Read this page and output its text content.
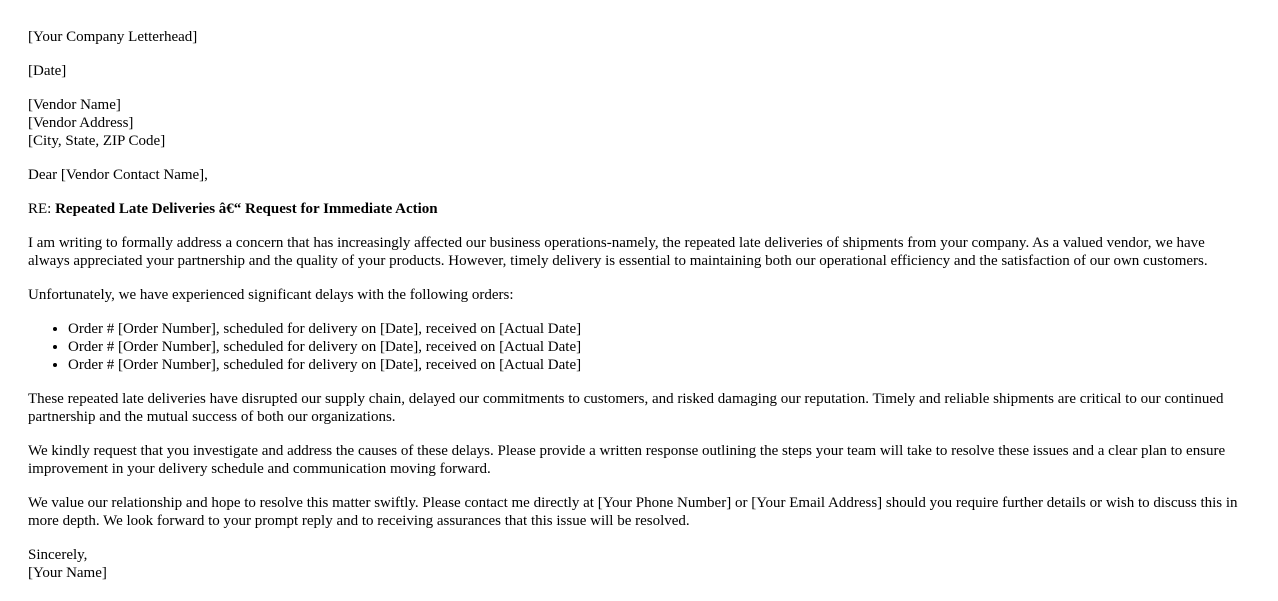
[Your Company Letterhead]

[Date]

[Vendor Name]
[Vendor Address]
[City, State, ZIP Code]

Dear [Vendor Contact Name],

RE: Repeated Late Deliveries â€“ Request for Immediate Action

I am writing to formally address a concern that has increasingly affected our business operations-namely, the repeated late deliveries of shipments from your company. As a valued vendor, we have always appreciated your partnership and the quality of your products. However, timely delivery is essential to maintaining both our operational efficiency and the satisfaction of our own customers.

Unfortunately, we have experienced significant delays with the following orders:

• Order # [Order Number], scheduled for delivery on [Date], received on [Actual Date]
• Order # [Order Number], scheduled for delivery on [Date], received on [Actual Date]
• Order # [Order Number], scheduled for delivery on [Date], received on [Actual Date]

These repeated late deliveries have disrupted our supply chain, delayed our commitments to customers, and risked damaging our reputation. Timely and reliable shipments are critical to our continued partnership and the mutual success of both our organizations.

We kindly request that you investigate and address the causes of these delays. Please provide a written response outlining the steps your team will take to resolve these issues and a clear plan to ensure improvement in your delivery schedule and communication moving forward.

We value our relationship and hope to resolve this matter swiftly. Please contact me directly at [Your Phone Number] or [Your Email Address] should you require further details or wish to discuss this in more depth. We look forward to your prompt reply and to receiving assurances that this issue will be resolved.

Sincerely,
[Your Name]
